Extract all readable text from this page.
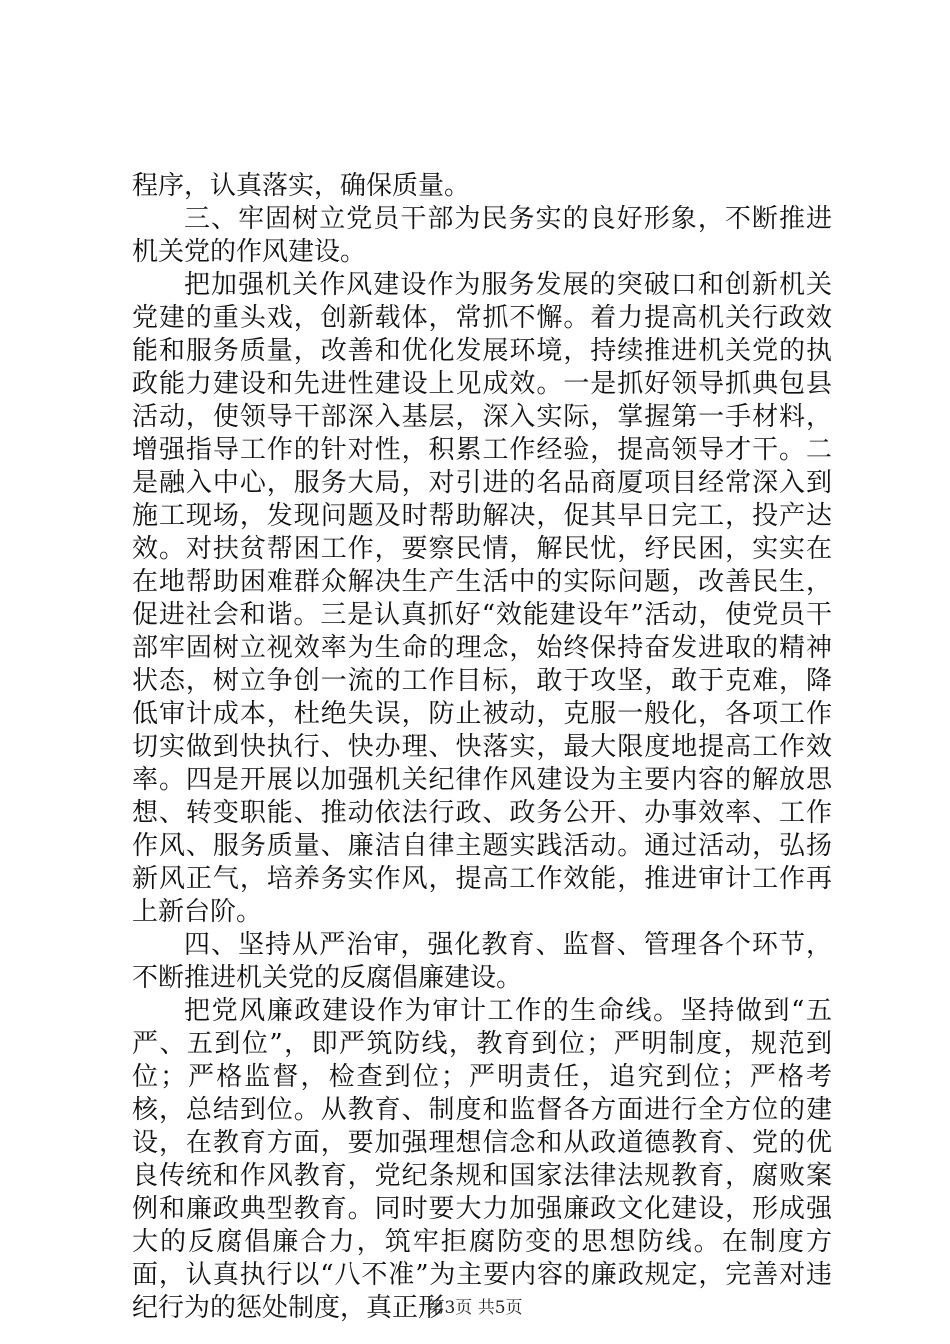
程序，认真落实，确保质量。

三、牢固树立党员干部为民务实的良好形象，不断推进机关党的作风建设。

把加强机关作风建设作为服务发展的突破口和创新机关党建的重头戏，创新载体，常抓不懈。着力提高机关行政效能和服务质量，改善和优化发展环境，持续推进机关党的执政能力建设和先进性建设上见成效。一是抓好领导抓典包县活动，使领导干部深入基层，深入实际，掌握第一手材料，增强指导工作的针对性，积累工作经验，提高领导才干。二是融入中心，服务大局，对引进的名品商厦项目经常深入到施工现场，发现问题及时帮助解决，促其早日完工，投产达效。对扶贫帮困工作，要察民情，解民忧，纾民困，实实在在地帮助困难群众解决生产生活中的实际问题，改善民生，促进社会和谐。三是认真抓好“效能建设年”活动，使党员干部牢固树立视效率为生命的理念，始终保持奋发进取的精神状态，树立争创一流的工作目标，敢于攻坚，敢于克难，降低审计成本，杜绝失误，防止被动，克服一般化，各项工作切实做到快执行、快办理、快落实，最大限度地提高工作效率。四是开展以加强机关纪律作风建设为主要内容的解放思想、转变职能、推动依法行政、政务公开、办事效率、工作作风、服务质量、廉洁自律主题实践活动。通过活动，弘扬新风正气，培养务实作风，提高工作效能，推进审计工作再上新台阶。

四、坚持从严治审，强化教育、监督、管理各个环节，不断推进机关党的反腐倡廉建设。

把党风廉政建设作为审计工作的生命线。坚持做到“五严、五到位”，即严筑防线，教育到位；严明制度，规范到位；严格监督，检查到位；严明责任，追究到位；严格考核，总结到位。从教育、制度和监督各方面进行全方位的建设，在教育方面，要加强理想信念和从政道德教育、党的优良传统和作风教育，党纪条规和国家法律法规教育，腐败案例和廉政典型教育。同时要大力加强廉政文化建设，形成强大的反腐倡廉合力，筑牢拒腐防变的思想防线。在制度方面，认真执行以“八不准”为主要内容的廉政规定，完善对违纪行为的惩处制度，真正形

第3页 共5页
